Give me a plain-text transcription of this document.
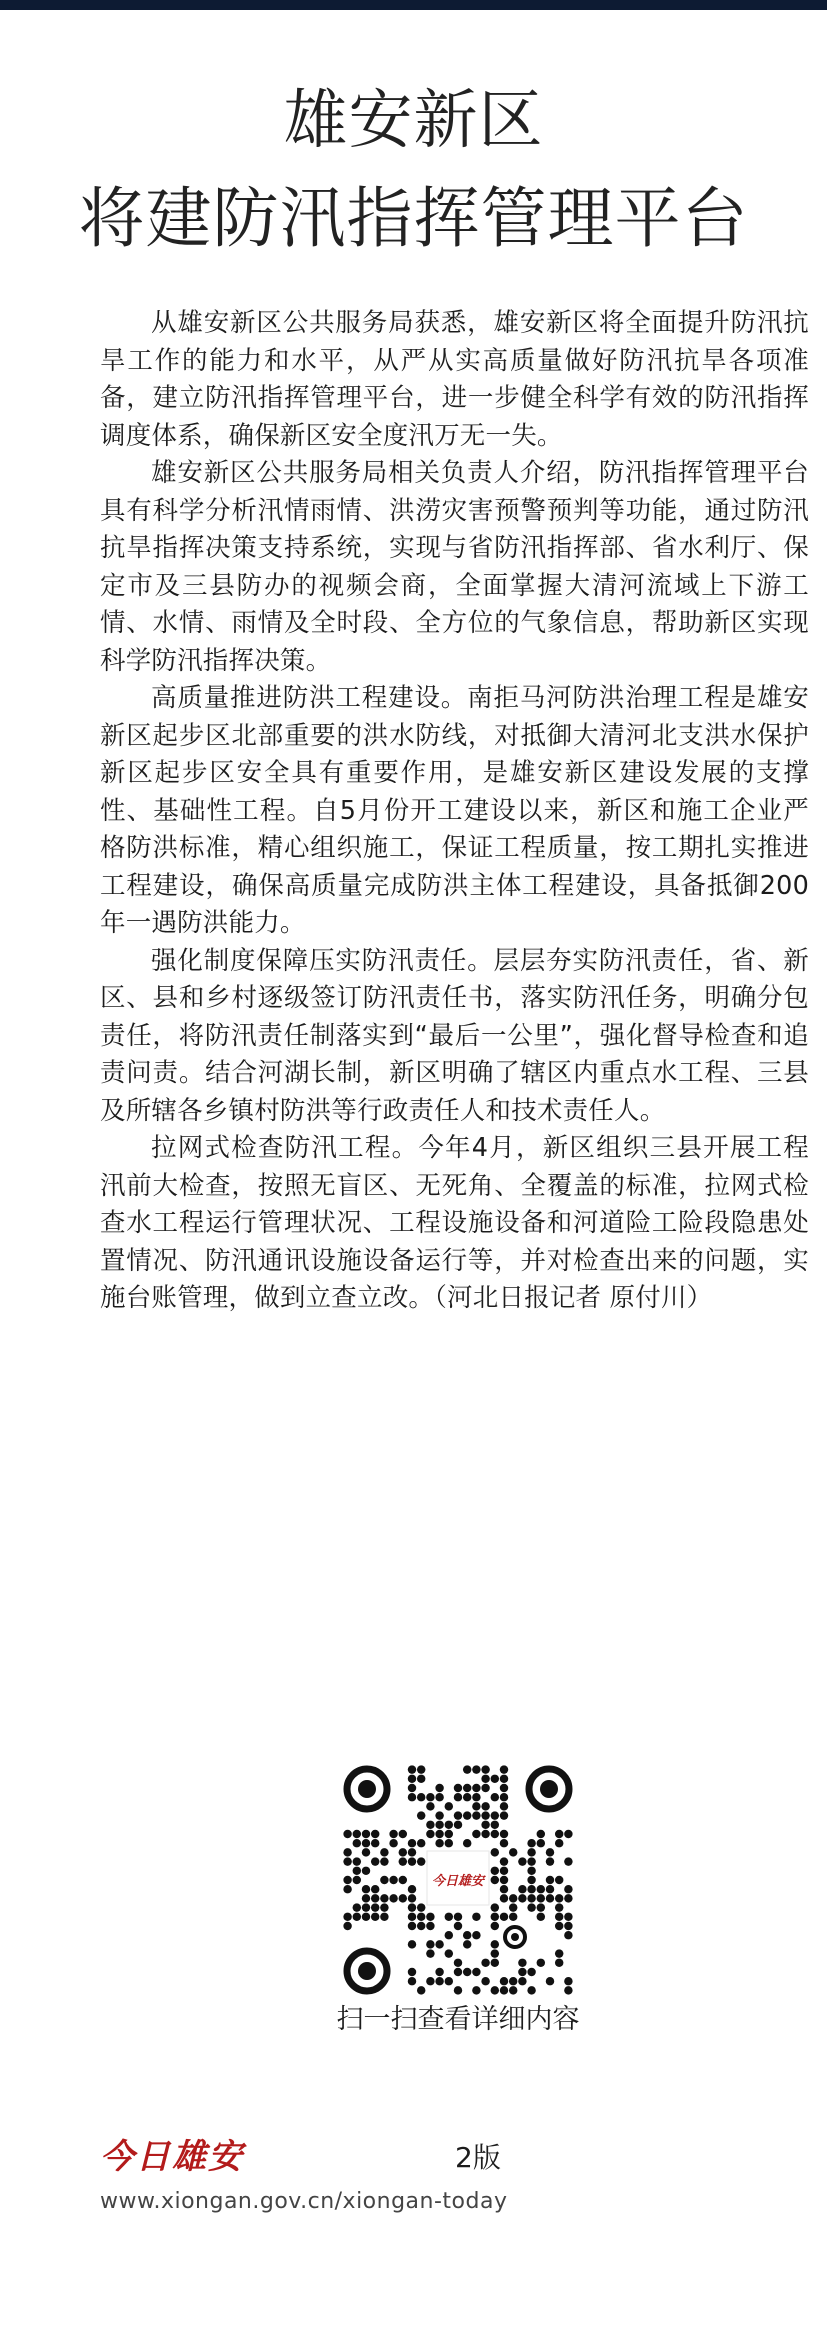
雄安新区
将建防汛指挥管理平台

从雄安新区公共服务局获悉，雄安新区将全面提升防汛抗旱工作的能力和水平，从严从实高质量做好防汛抗旱各项准备，建立防汛指挥管理平台，进一步健全科学有效的防汛指挥调度体系，确保新区安全度汛万无一失。

雄安新区公共服务局相关负责人介绍，防汛指挥管理平台具有科学分析汛情雨情、洪涝灾害预警预判等功能，通过防汛抗旱指挥决策支持系统，实现与省防汛指挥部、省水利厅、保定市及三县防办的视频会商，全面掌握大清河流域上下游工情、水情、雨情及全时段、全方位的气象信息，帮助新区实现科学防汛指挥决策。

高质量推进防洪工程建设。南拒马河防洪治理工程是雄安新区起步区北部重要的洪水防线，对抵御大清河北支洪水保护新区起步区安全具有重要作用，是雄安新区建设发展的支撑性、基础性工程。自5月份开工建设以来，新区和施工企业严格防洪标准，精心组织施工，保证工程质量，按工期扎实推进工程建设，确保高质量完成防洪主体工程建设，具备抵御200年一遇防洪能力。

强化制度保障压实防汛责任。层层夯实防汛责任，省、新区、县和乡村逐级签订防汛责任书，落实防汛任务，明确分包责任，将防汛责任制落实到“最后一公里”，强化督导检查和追责问责。结合河湖长制，新区明确了辖区内重点水工程、三县及所辖各乡镇村防洪等行政责任人和技术责任人。

拉网式检查防汛工程。今年4月，新区组织三县开展工程汛前大检查，按照无盲区、无死角、全覆盖的标准，拉网式检查水工程运行管理状况、工程设施设备和河道险工险段隐患处置情况、防汛通讯设施设备运行等，并对检查出来的问题，实施台账管理，做到立查立改。（河北日报记者 原付川）

今日雄安
扫一扫查看详细内容
今日雄安	2版
www.xiongan.gov.cn/xiongan-today
